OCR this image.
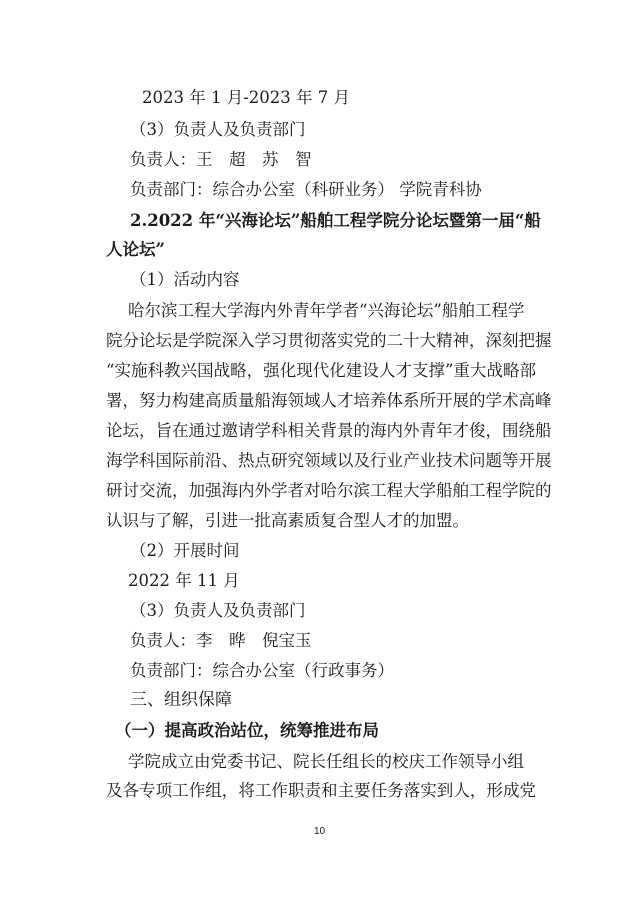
2023 年 1 月-2023 年 7 月
（3）负责人及负责部门
负责人：王　超　苏　智
负责部门：综合办公室（科研业务） 学院青科协
2.2022 年“兴海论坛”船舶工程学院分论坛暨第一届“船
人论坛”
（1）活动内容
哈尔滨工程大学海内外青年学者“兴海论坛”船舶工程学
院分论坛是学院深入学习贯彻落实党的二十大精神，深刻把握
“实施科教兴国战略，强化现代化建设人才支撑”重大战略部
署，努力构建高质量船海领域人才培养体系所开展的学术高峰
论坛，旨在通过邀请学科相关背景的海内外青年才俊，围绕船
海学科国际前沿、热点研究领域以及行业产业技术问题等开展
研讨交流，加强海内外学者对哈尔滨工程大学船舶工程学院的
认识与了解，引进一批高素质复合型人才的加盟。
（2）开展时间
2022 年 11 月
（3）负责人及负责部门
负责人：李　晔　倪宝玉
负责部门：综合办公室（行政事务）
三、组织保障
（一）提高政治站位，统筹推进布局
学院成立由党委书记、院长任组长的校庆工作领导小组
及各专项工作组，将工作职责和主要任务落实到人，形成党
10
